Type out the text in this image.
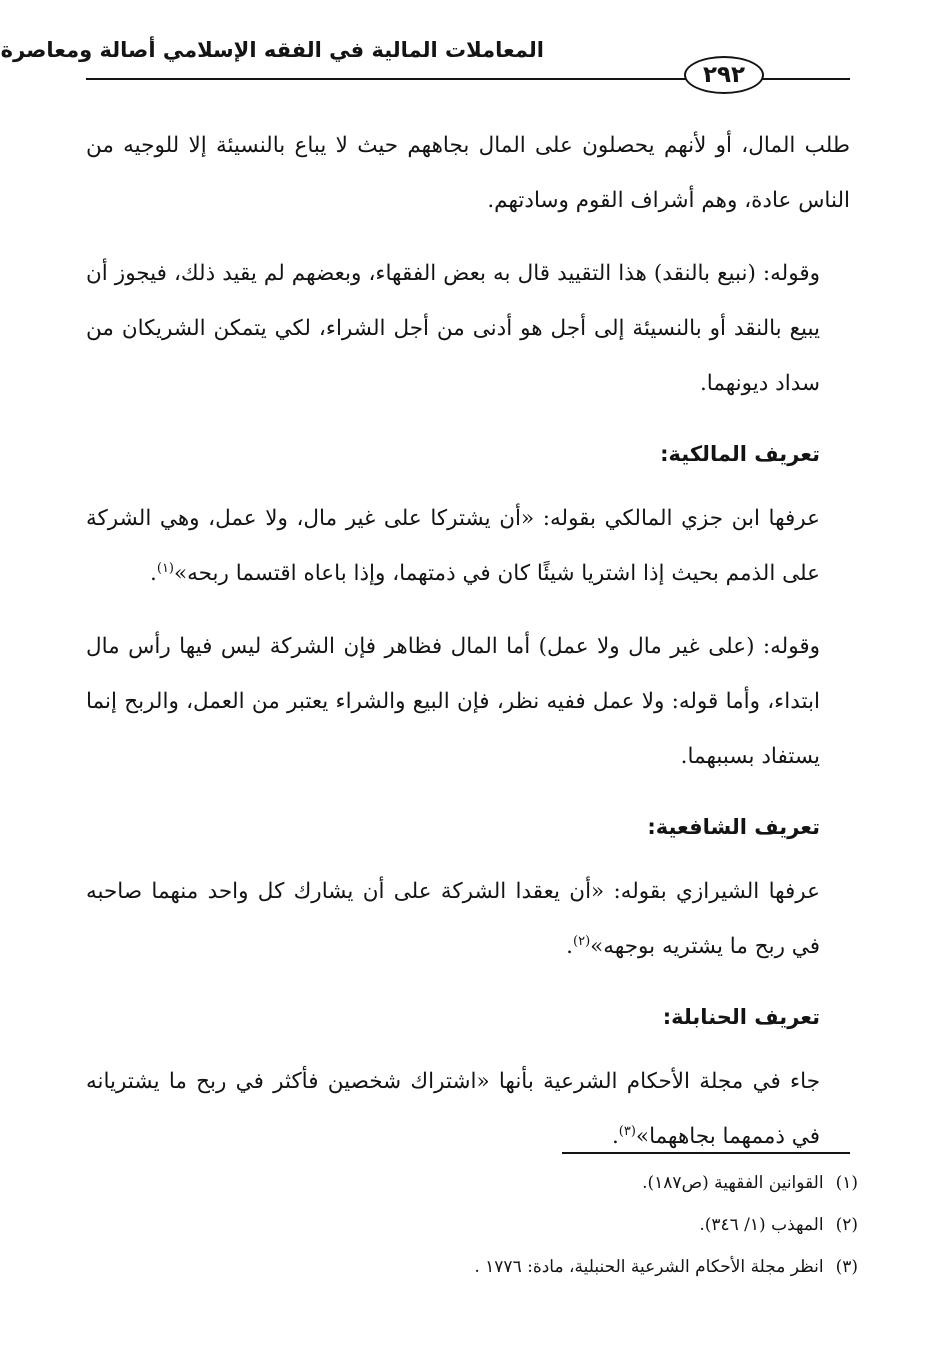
المعاملات المالية في الفقه الإسلامي أصالة ومعاصرة
٢٩٢

طلب المال، أو لأنهم يحصلون على المال بجاههم حيث لا يباع بالنسيئة إلا للوجيه من الناس عادة، وهم أشراف القوم وسادتهم.

وقوله: (نبيع بالنقد) هذا التقييد قال به بعض الفقهاء، وبعضهم لم يقيد ذلك، فيجوز أن يبيع بالنقد أو بالنسيئة إلى أجل هو أدنى من أجل الشراء، لكي يتمكن الشريكان من سداد ديونهما.

تعريف المالكية:

عرفها ابن جزي المالكي بقوله: «أن يشتركا على غير مال، ولا عمل، وهي الشركة على الذمم بحيث إذا اشتريا شيئًا كان في ذمتهما، وإذا باعاه اقتسما ربحه»$^{(١)}$.

وقوله: (على غير مال ولا عمل) أما المال فظاهر فإن الشركة ليس فيها رأس مال ابتداء، وأما قوله: ولا عمل ففيه نظر، فإن البيع والشراء يعتبر من العمل، والربح إنما يستفاد بسببهما.

تعريف الشافعية:

عرفها الشيرازي بقوله: «أن يعقدا الشركة على أن يشارك كل واحد منهما صاحبه في ربح ما يشتريه بوجهه»$^{(٢)}$.

تعريف الحنابلة:

جاء في مجلة الأحكام الشرعية بأنها «اشتراك شخصين فأكثر في ربح ما يشتريانه في ذممهما بجاههما»$^{(٣)}$.

(١)القوانين الفقهية (ص١٨٧).
(٢)المهذب (١/ ٣٤٦).
(٣)انظر مجلة الأحكام الشرعية الحنبلية، مادة: ١٧٧٦ .
